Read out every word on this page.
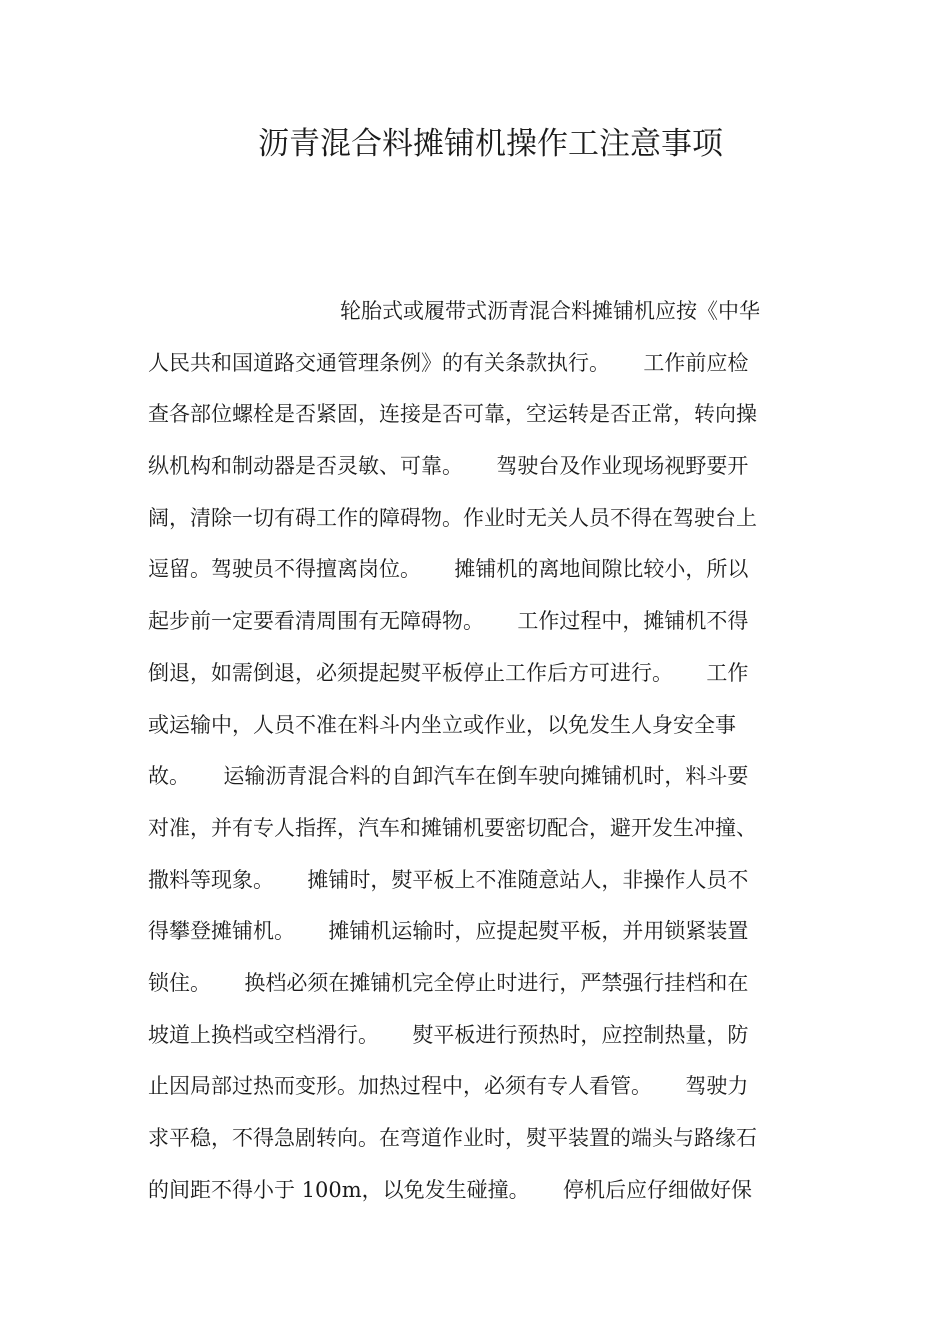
沥青混合料摊铺机操作工注意事项
轮胎式或履带式沥青混合料摊铺机应按《中华
人民共和国道路交通管理条例》的有关条款执行。     工作前应检
查各部位螺栓是否紧固，连接是否可靠，空运转是否正常，转向操
纵机构和制动器是否灵敏、可靠。     驾驶台及作业现场视野要开
阔，清除一切有碍工作的障碍物。作业时无关人员不得在驾驶台上
逗留。驾驶员不得擅离岗位。     摊铺机的离地间隙比较小，所以
起步前一定要看清周围有无障碍物。     工作过程中，摊铺机不得
倒退，如需倒退，必须提起熨平板停止工作后方可进行。     工作
或运输中，人员不准在料斗内坐立或作业，以免发生人身安全事
故。     运输沥青混合料的自卸汽车在倒车驶向摊铺机时，料斗要
对准，并有专人指挥，汽车和摊铺机要密切配合，避开发生冲撞、
撒料等现象。     摊铺时，熨平板上不准随意站人，非操作人员不
得攀登摊铺机。     摊铺机运输时，应提起熨平板，并用锁紧装置
锁住。     换档必须在摊铺机完全停止时进行，严禁强行挂档和在
坡道上换档或空档滑行。     熨平板进行预热时，应控制热量，防
止因局部过热而变形。加热过程中，必须有专人看管。     驾驶力
求平稳，不得急剧转向。在弯道作业时，熨平装置的端头与路缘石
的间距不得小于 100m，以免发生碰撞。     停机后应仔细做好保
